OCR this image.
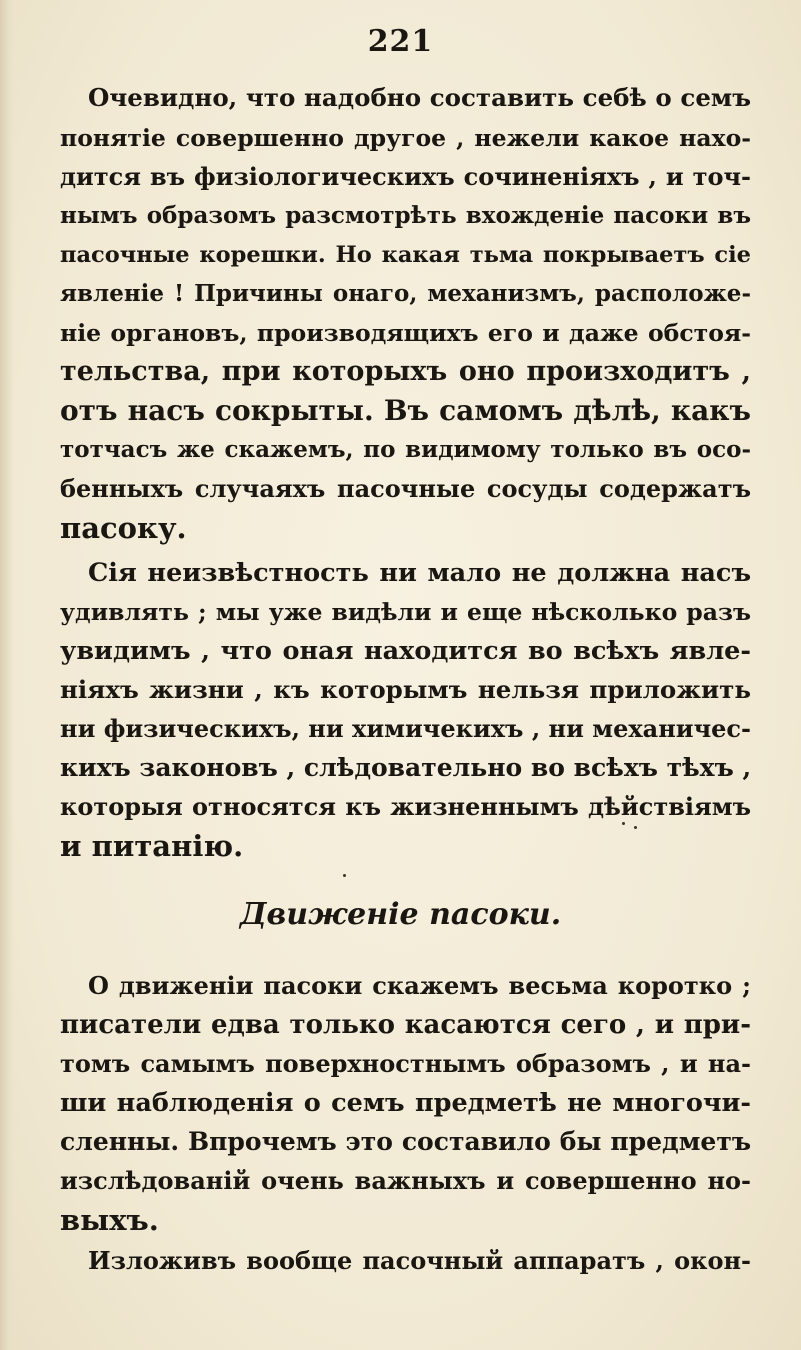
221
Очевидно, что надобно составить себѣ о семъ
понятіе совершенно другое , нежели какое нахо-
дится въ физіологическихъ сочиненіяхъ , и точ-
нымъ образомъ разсмотрѣть вхожденіе пасоки въ
пасочные корешки. Но какая тьма покрываетъ сіе
явленіе ! Причины онаго, механизмъ, расположе-
ніе органовъ, производящихъ его и даже обстоя-
тельства, при которыхъ оно произходитъ ,
отъ насъ сокрыты. Въ самомъ дѣлѣ, какъ
тотчасъ же скажемъ, по видимому только въ осо-
бенныхъ случаяхъ пасочные сосуды содержатъ
пасоку.
Сія неизвѣстность ни мало не должна насъ
удивлять ; мы уже видѣли и еще нѣсколько разъ
увидимъ , что оная находится во всѣхъ явле-
ніяхъ жизни , къ которымъ нельзя приложить
ни физическихъ, ни химичекихъ , ни механичес-
кихъ законовъ , слѣдовательно во всѣхъ тѣхъ ,
которыя относятся къ жизненнымъ дѣйствіямъ
и питанію.
Движеніе пасоки.
О движеніи пасоки скажемъ весьма коротко ;
писатели едва только касаются сего , и при-
томъ самымъ поверхностнымъ образомъ , и на-
ши наблюденія о семъ предметѣ не многочи-
сленны. Впрочемъ это составило бы предметъ
изслѣдованій очень важныхъ и совершенно но-
выхъ.
Изложивъ вообще пасочный аппаратъ , окон-
